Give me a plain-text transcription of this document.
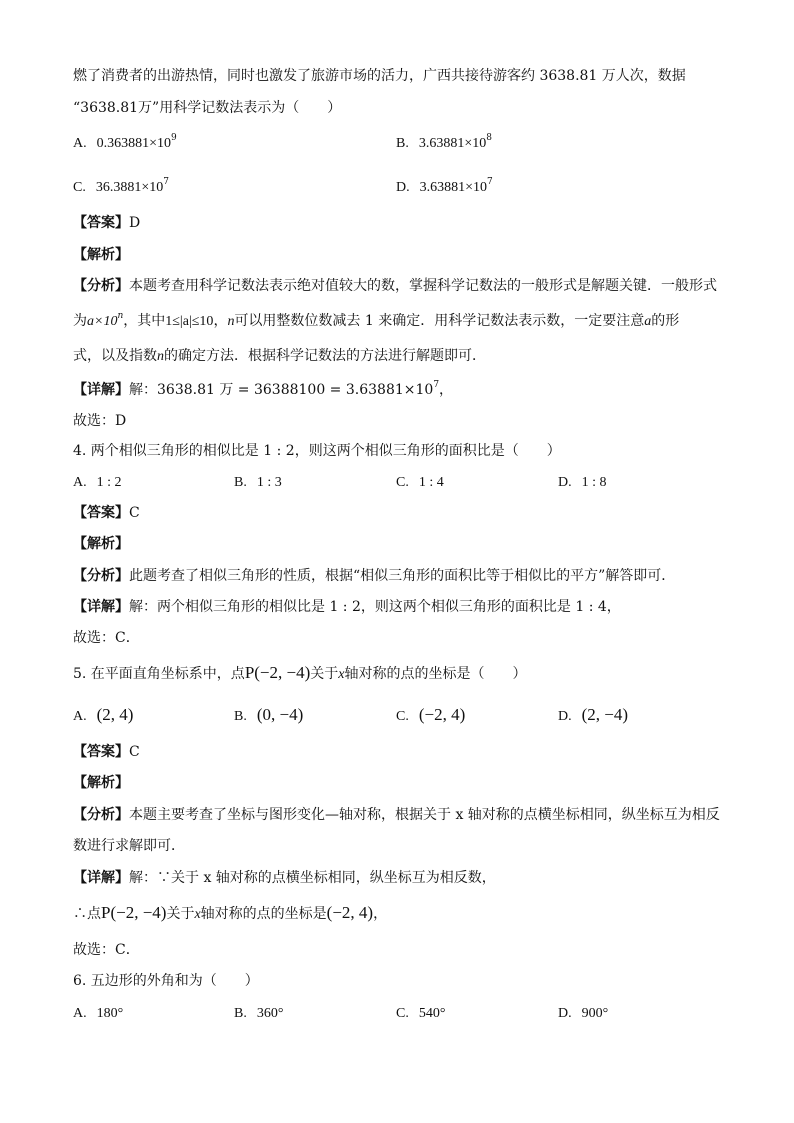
燃了消费者的出游热情，同时也激发了旅游市场的活力，广西共接待游客约 3638.81 万人次，数据
“3638.81万”用科学记数法表示为（　　）
A. $0.363881\times 10^9$	B. $3.63881\times 10^8$
C. $36.3881\times 10^7$	D. $3.63881\times 10^7$
【答案】D
【解析】
【分析】本题考查用科学记数法表示绝对值较大的数，掌握科学记数法的一般形式是解题关键．一般形式
为$a\times 10^n$，其中1≤|a|≤10，n可以用整数位数减去 1 来确定．用科学记数法表示数，一定要注意a的形
式，以及指数n的确定方法．根据科学记数法的方法进行解题即可．
【详解】解：3638.81 万 = $36388100 = 3.63881\times 10^7$，
故选：D
4. 两个相似三角形的相似比是 1 : 2，则这两个相似三角形的面积比是（　　）
A. 1 : 2	B. 1 : 3	C. 1 : 4	D. 1 : 8
【答案】C
【解析】
【分析】此题考查了相似三角形的性质，根据“相似三角形的面积比等于相似比的平方”解答即可．
【详解】解：两个相似三角形的相似比是 1 : 2，则这两个相似三角形的面积比是 1 : 4，
故选：C．
5. 在平面直角坐标系中，点P(−2, −4)关于x轴对称的点的坐标是（　　）
A. (2, 4)	B. (0, −4)	C. (−2, 4)	D. (2, −4)
【答案】C
【解析】
【分析】本题主要考查了坐标与图形变化—轴对称，根据关于 x 轴对称的点横坐标相同，纵坐标互为相反
数进行求解即可．
【详解】解：∵关于 x 轴对称的点横坐标相同，纵坐标互为相反数，
∴点P(−2, −4)关于x轴对称的点的坐标是(−2, 4)，
故选：C．
6. 五边形的外角和为（　　）
A. 180°	B. 360°	C. 540°	D. 900°
